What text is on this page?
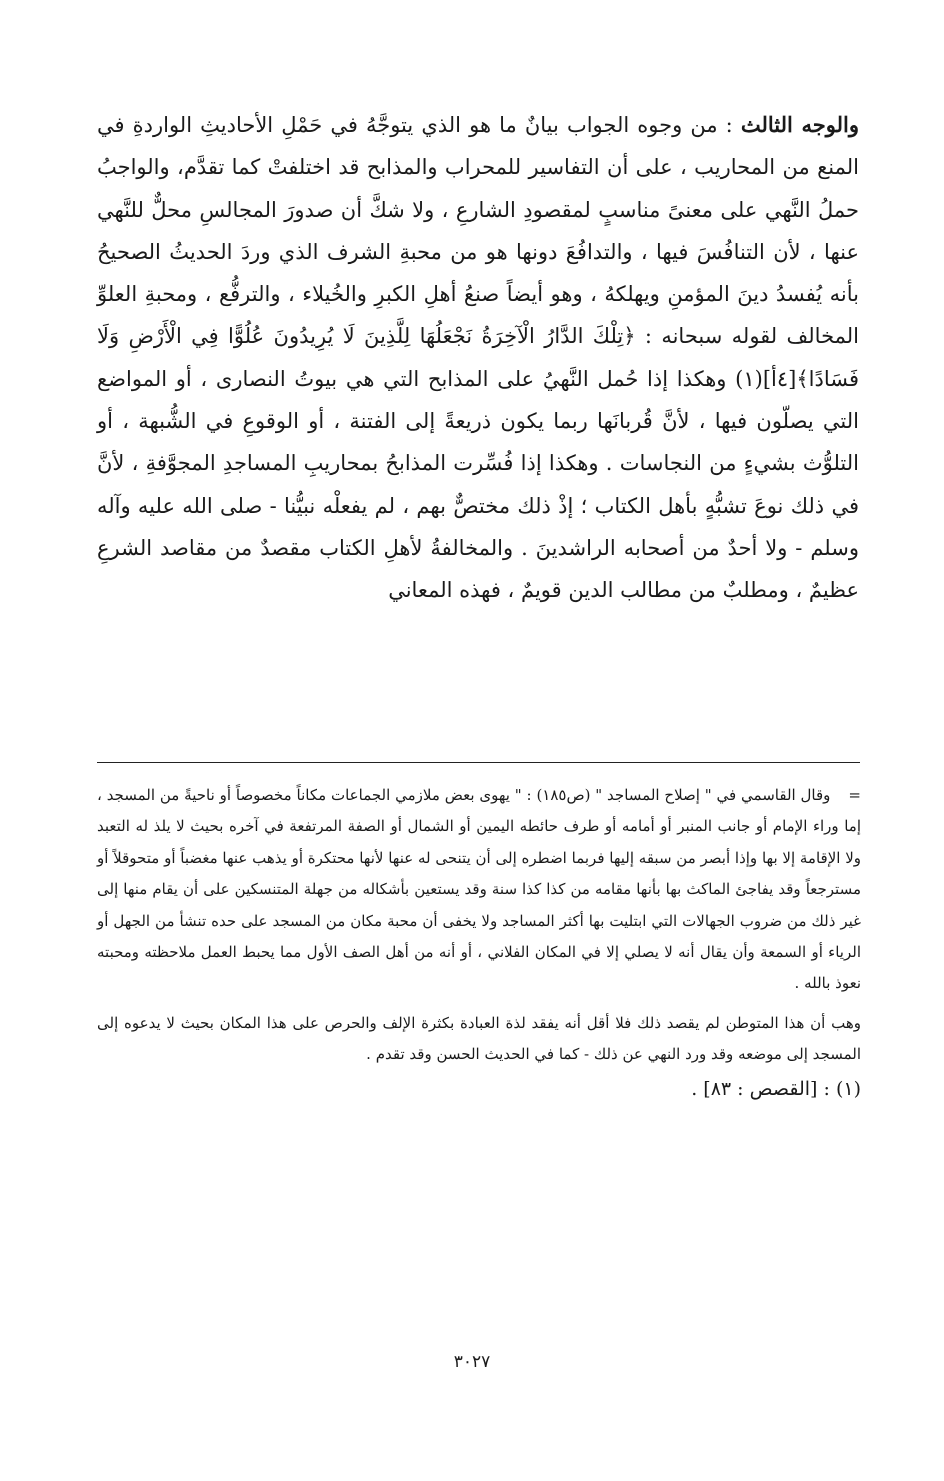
والوجه الثالث : من وجوه الجواب بيانٌ ما هو الذي يتوجَّهُ في حَمْلِ الأحاديثِ الواردةِ في المنع من المحاريب ، على أن التفاسير للمحراب والمذابح قد اختلفتْ كما تقدَّم، والواجبُ حملُ النَّهي على معنىً مناسبٍ لمقصودِ الشارعِ ، ولا شكَّ أن صدورَ المجالسِ محلٌّ للنَّهي عنها ، لأن التنافُسَ فيها ، والتدافُعَ دونها هو من محبةِ الشرف الذي وردَ الحديثُ الصحيحُ بأنه يُفسدُ دينَ المؤمنِ ويهلكهُ ، وهو أيضاً صنعُ أهلِ الكبرِ والخُيلاء ، والترفُّع ، ومحبةِ العلوِّ المخالف لقوله سبحانه : ﴿تِلْكَ الدَّارُ الْآخِرَةُ نَجْعَلُهَا لِلَّذِينَ لَا يُرِيدُونَ عُلُوًّا فِي الْأَرْضِ وَلَا فَسَادًا﴾[٤أ](١) وهكذا إذا حُمل النَّهيُ على المذابح التي هي بيوتُ النصارى ، أو المواضع التي يصلّون فيها ، لأنَّ قُربانَها ربما يكون ذريعةً إلى الفتنة ، أو الوقوعِ في الشُّبهة ، أو التلوُّث بشيءٍ من النجاسات . وهكذا إذا فُسِّرت المذابحُ بمحاريبِ المساجدِ المجوَّفةِ ، لأنَّ في ذلك نوعَ تشبُّهٍ بأهل الكتاب ؛ إذْ ذلك مختصٌّ بهم ، لم يفعلْه نبيُّنا - صلى الله عليه وآله وسلم - ولا أحدٌ من أصحابه الراشدينَ . والمخالفةُ لأهلِ الكتاب مقصدٌ من مقاصد الشرعِ عظيمٌ ، ومطلبٌ من مطالب الدين قويمٌ ، فهذه المعاني

=وقال القاسمي في " إصلاح المساجد " (ص١٨٥) : " يهوى بعض ملازمي الجماعات مكاناً مخصوصاً أو ناحيةً من المسجد ، إما وراء الإمام أو جانب المنبر أو أمامه أو طرف حائطه اليمين أو الشمال أو الصفة المرتفعة في آخره بحيث لا يلذ له التعبد ولا الإقامة إلا بها وإذا أبصر من سبقه إليها فربما اضطره إلى أن يتنحى له عنها لأنها محتكرة أو يذهب عنها مغضباً أو متحوقلاً أو مسترجعاً وقد يفاجئ الماكث بها بأنها مقامه من كذا كذا سنة وقد يستعين بأشكاله من جهلة المتنسكين على أن يقام منها إلى غير ذلك من ضروب الجهالات التي ابتليت بها أكثر المساجد ولا يخفى أن محبة مكان من المسجد على حده تنشأ من الجهل أو الرياء أو السمعة وأن يقال أنه لا يصلي إلا في المكان الفلاني ، أو أنه من أهل الصف الأول مما يحبط العمل ملاحظته ومحبته نعوذ بالله .

وهب أن هذا المتوطن لم يقصد ذلك فلا أقل أنه يفقد لذة العبادة بكثرة الإلف والحرص على هذا المكان بحيث لا يدعوه إلى المسجد إلى موضعه وقد ورد النهي عن ذلك - كما في الحديث الحسن وقد تقدم .

(١) : [القصص : ٨٣] .

٣٠٢٧
